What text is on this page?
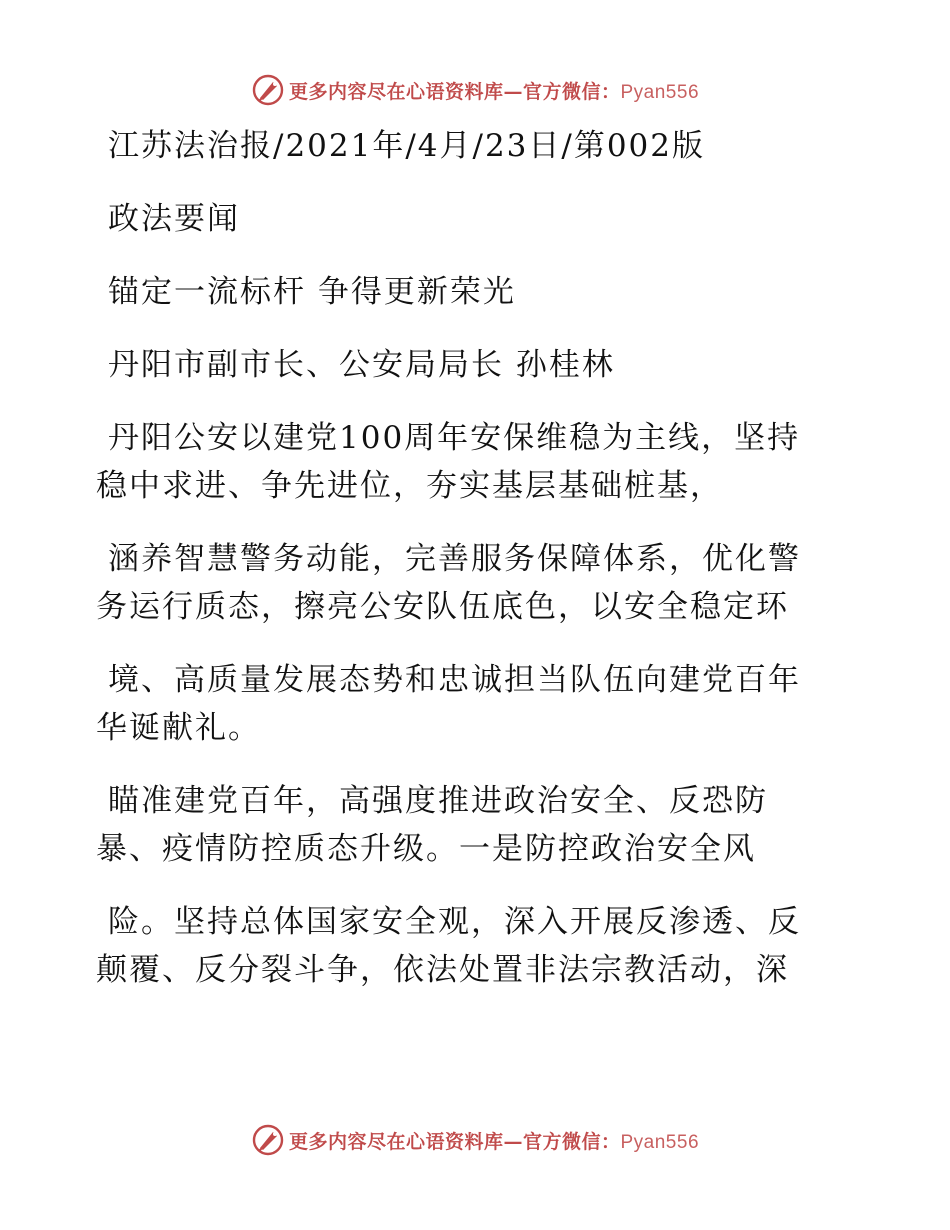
更多内容尽在心语资料库—官方微信：Pyan556
江苏法治报/2021年/4月/23日/第002版
政法要闻
锚定一流标杆 争得更新荣光
丹阳市副市长、公安局局长 孙桂林
丹阳公安以建党100周年安保维稳为主线，坚持
稳中求进、争先进位，夯实基层基础桩基，
涵养智慧警务动能，完善服务保障体系，优化警
务运行质态，擦亮公安队伍底色，以安全稳定环
境、高质量发展态势和忠诚担当队伍向建党百年
华诞献礼。
瞄准建党百年，高强度推进政治安全、反恐防
暴、疫情防控质态升级。一是防控政治安全风
险。坚持总体国家安全观，深入开展反渗透、反
颠覆、反分裂斗争，依法处置非法宗教活动，深
更多内容尽在心语资料库—官方微信：Pyan556
